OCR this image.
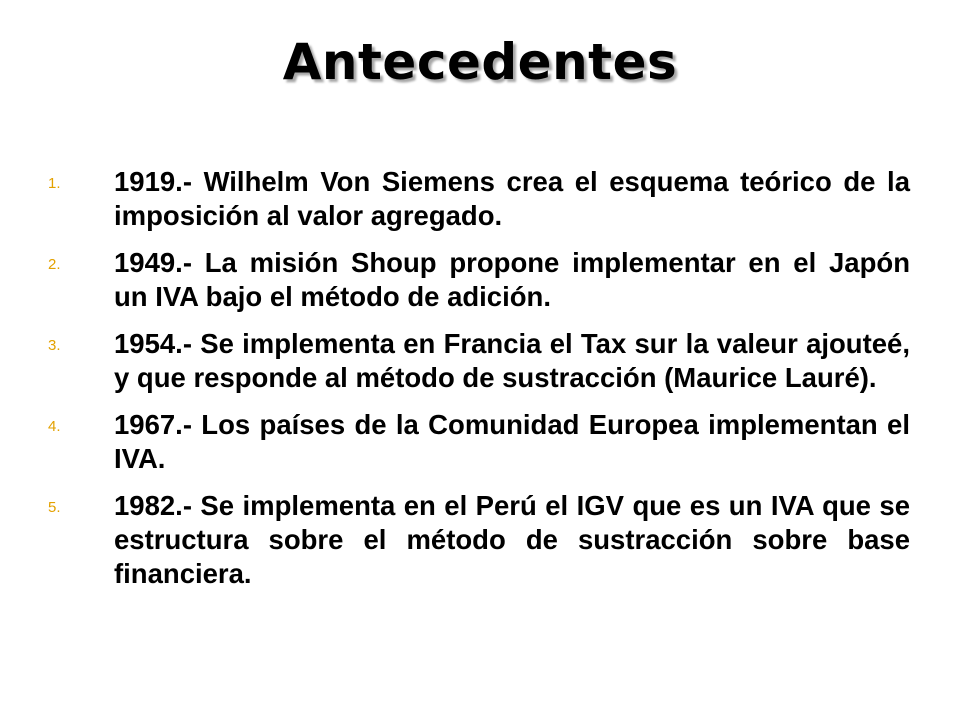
Antecedentes
1.	1919.- Wilhelm Von Siemens crea el esquema teórico de la imposición al valor agregado.
2.	1949.- La misión Shoup propone implementar en el Japón un IVA bajo el método de adición.
3.	1954.- Se implementa en Francia el Tax sur la valeur ajouteé, y que responde al método de sustracción (Maurice Lauré).
4.	1967.- Los países de la Comunidad Europea implementan el IVA.
5.	1982.- Se implementa en el Perú el IGV que es un IVA que se estructura sobre el método de sustracción sobre base financiera.
